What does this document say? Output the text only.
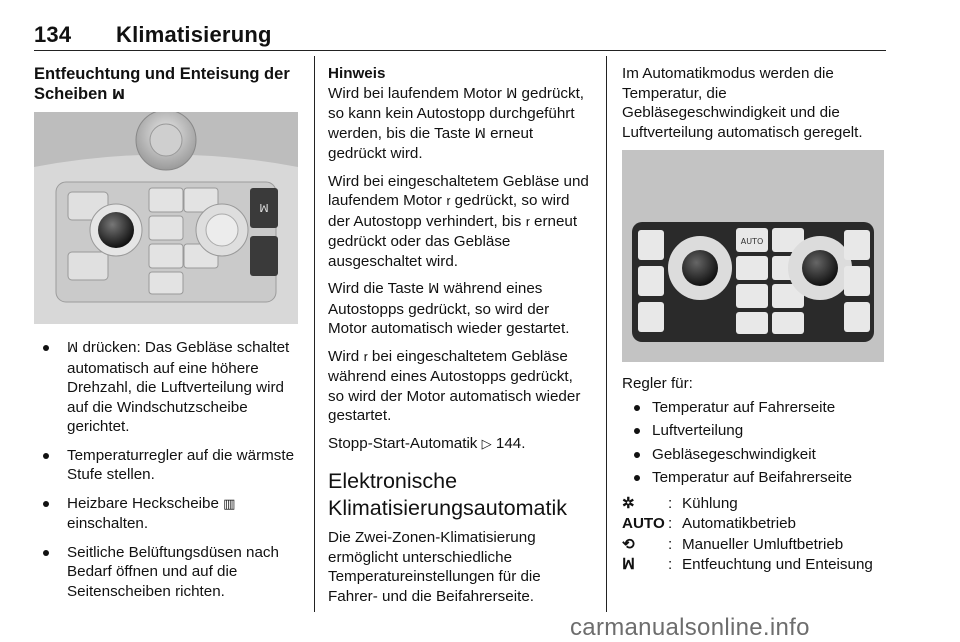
134 Klimatisierung
Entfeuchtung und Enteisung der Scheiben ꟽ
ꟽ
ꟽ drücken: Das Gebläse schaltet automatisch auf eine höhere Drehzahl, die Luftverteilung wird auf die Windschutzscheibe gerichtet.
Temperaturregler auf die wärmste Stufe stellen.
Heizbare Heckscheibe ▥ einschalten.
Seitliche Belüftungsdüsen nach Bedarf öffnen und auf die Seitenscheiben richten.
Hinweis

Wird bei laufendem Motor ꟽ gedrückt, so kann kein Autostopp durchgeführt werden, bis die Taste ꟽ erneut gedrückt wird.

Wird bei eingeschaltetem Gebläse und laufendem Motor ꭇ gedrückt, so wird der Autostopp verhindert, bis ꭇ erneut gedrückt oder das Gebläse ausgeschaltet wird.

Wird die Taste ꟽ während eines Autostopps gedrückt, so wird der Motor automatisch wieder gestartet.

Wird ꭇ bei eingeschaltetem Gebläse während eines Autostopps gedrückt, so wird der Motor automatisch wieder gestartet.

Stopp-Start-Automatik ▷ 144.

Elektronische Klimatisierungsautomatik

Die Zwei-Zonen-Klimatisierung ermöglicht unterschiedliche Temperatureinstellungen für die Fahrer- und die Beifahrerseite.

Im Automatikmodus werden die Temperatur, die Gebläsegeschwindigkeit und die Luftverteilung automatisch geregelt.

AUTO
Regler für:
Temperatur auf Fahrerseite
Luftverteilung
Gebläsegeschwindigkeit
Temperatur auf Beifahrerseite
✲	: Kühlung
AUTO : Automatikbetrieb
⟲	: Manueller Umluftbetrieb
ꟽ	: Entfeuchtung und Enteisung
carmanualsonline.info
